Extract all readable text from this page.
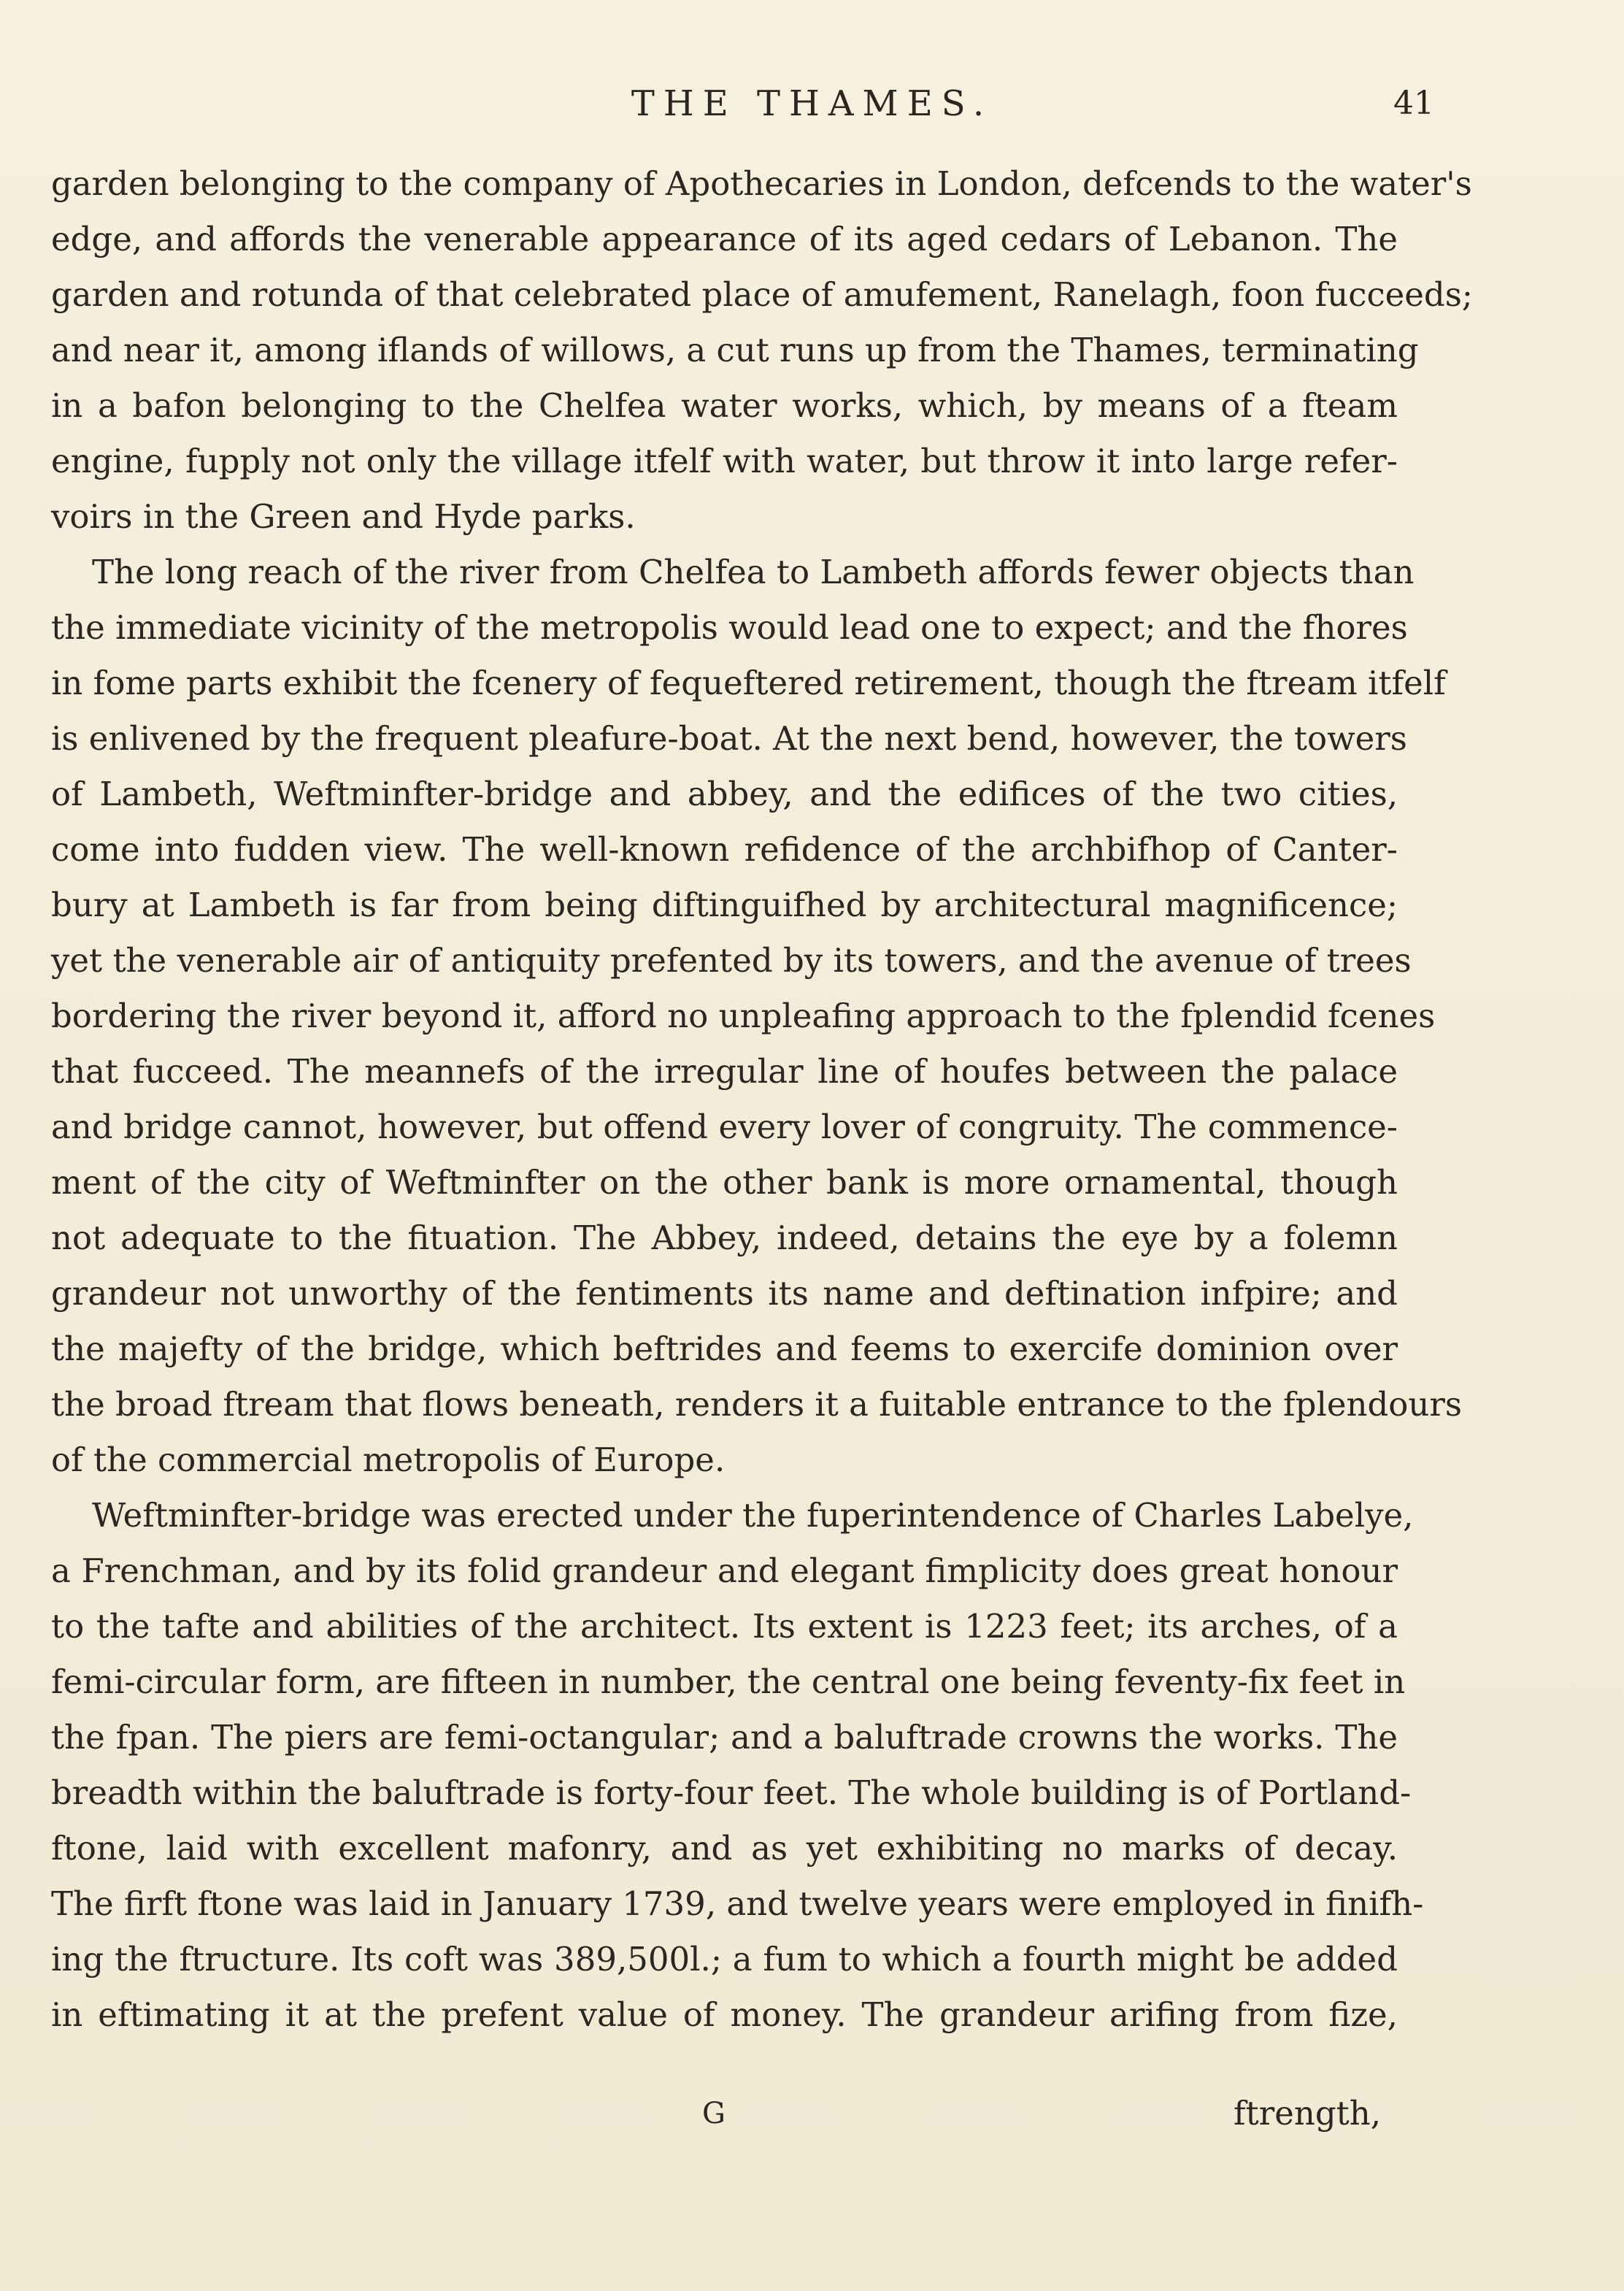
THE THAMES.	41
garden belonging to the company of Apothecaries in London, defcends to the water's
edge, and affords the venerable appearance of its aged cedars of Lebanon. The
garden and rotunda of that celebrated place of amufement, Ranelagh, foon fucceeds;
and near it, among iflands of willows, a cut runs up from the Thames, terminating
in a bafon belonging to the Chelfea water works, which, by means of a fteam
engine, fupply not only the village itfelf with water, but throw it into large refer-
voirs in the Green and Hyde parks.
The long reach of the river from Chelfea to Lambeth affords fewer objects than
the immediate vicinity of the metropolis would lead one to expect; and the fhores
in fome parts exhibit the fcenery of fequeftered retirement, though the ftream itfelf
is enlivened by the frequent pleafure-boat. At the next bend, however, the towers
of Lambeth, Weftminfter-bridge and abbey, and the edifices of the two cities,
come into fudden view. The well-known refidence of the archbifhop of Canter-
bury at Lambeth is far from being diftinguifhed by architectural magnificence;
yet the venerable air of antiquity prefented by its towers, and the avenue of trees
bordering the river beyond it, afford no unpleafing approach to the fplendid fcenes
that fucceed. The meannefs of the irregular line of houfes between the palace
and bridge cannot, however, but offend every lover of congruity. The commence-
ment of the city of Weftminfter on the other bank is more ornamental, though
not adequate to the fituation. The Abbey, indeed, detains the eye by a folemn
grandeur not unworthy of the fentiments its name and deftination infpire; and
the majefty of the bridge, which beftrides and feems to exercife dominion over
the broad ftream that flows beneath, renders it a fuitable entrance to the fplendours
of the commercial metropolis of Europe.
Weftminfter-bridge was erected under the fuperintendence of Charles Labelye,
a Frenchman, and by its folid grandeur and elegant fimplicity does great honour
to the tafte and abilities of the architect. Its extent is 1223 feet; its arches, of a
femi-circular form, are fifteen in number, the central one being feventy-fix feet in
the fpan. The piers are femi-octangular; and a baluftrade crowns the works. The
breadth within the baluftrade is forty-four feet. The whole building is of Portland-
ftone, laid with excellent mafonry, and as yet exhibiting no marks of decay.
The firft ftone was laid in January 1739, and twelve years were employed in finifh-
ing the ftructure. Its coft was 389,500l.; a fum to which a fourth might be added
in eftimating it at the prefent value of money. The grandeur arifing from fize,
G	ftrength,
